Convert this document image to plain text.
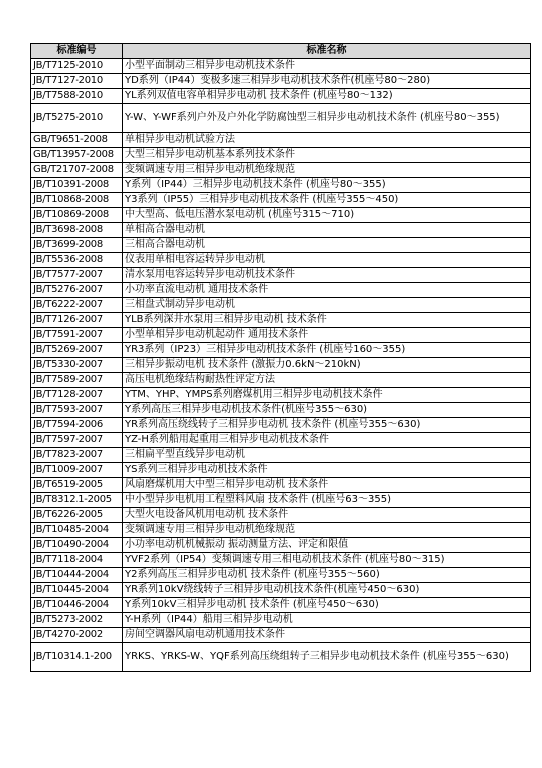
标准编号	标准名称
JB/T7125-2010	小型平面制动三相异步电动机技术条件
JB/T7127-2010	YD系列（IP44）变极多速三相异步电动机技术条件(机座号80～280)
JB/T7588-2010	YL系列双值电容单相异步电动机 技术条件 (机座号80～132)
JB/T5275-2010	Y-W、Y-WF系列户外及户外化学防腐蚀型三相异步电动机技术条件 (机座号80～355)
GB/T9651-2008	单相异步电动机试验方法
GB/T13957-2008	大型三相异步电动机基本系列技术条件
GB/T21707-2008	变频调速专用三相异步电动机绝缘规范
JB/T10391-2008	Y系列（IP44）三相异步电动机技术条件 (机座号80～355)
JB/T10868-2008	Y3系列（IP55）三相异步电动机技术条件 (机座号355～450)
JB/T10869-2008	中大型高、低电压潜水泵电动机 (机座号315～710)
JB/T3698-2008	单相高合器电动机
JB/T3699-2008	三相高合器电动机
JB/T5536-2008	仪表用单相电容运转异步电动机
JB/T7577-2007	清水泵用电容运转异步电动机技术条件
JB/T5276-2007	小功率直流电动机 通用技术条件
JB/T6222-2007	三相盘式制动异步电动机
JB/T7126-2007	YLB系列深井水泵用三相异步电动机 技术条件
JB/T7591-2007	小型单相异步电动机起动件 通用技术条件
JB/T5269-2007	YR3系列（IP23）三相异步电动机技术条件 (机座号160～355)
JB/T5330-2007	三相异步振动电机 技术条件 (激振力0.6kN～210kN)
JB/T7589-2007	高压电机绝缘结构耐热性评定方法
JB/T7128-2007	YTM、YHP、YMPS系列磨煤机用三相异步电动机技术条件
JB/T7593-2007	Y系列高压三相异步电动机技术条件(机座号355～630)
JB/T7594-2006	YR系列高压绕线转子三相异步电动机 技术条件 (机座号355～630)
JB/T7597-2007	YZ-H系列船用起重用三相异步电动机技术条件
JB/T7823-2007	三相扁平型直线异步电动机
JB/T1009-2007	YS系列三相异步电动机技术条件
JB/T6519-2005	风扇磨煤机用大中型三相异步电动机 技术条件
JB/T8312.1-2005	中小型异步电机用工程塑料风扇 技术条件 (机座号63～355)
JB/T6226-2005	大型火电设备风机用电动机 技术条件
JB/T10485-2004	变频调速专用三相异步电动机绝缘规范
JB/T10490-2004	小功率电动机机械振动 振动测量方法、评定和限值
JB/T7118-2004	YVF2系列（IP54）变频调速专用三相电动机技术条件 (机座号80～315)
JB/T10444-2004	Y2系列高压三相异步电动机 技术条件 (机座号355～560)
JB/T10445-2004	YR系列10kV绕线转子三相异步电动机技术条件(机座号450～630)
JB/T10446-2004	Y系列10kV三相异步电动机 技术条件 (机座号450～630)
JB/T5273-2002	Y-H系列（IP44）船用三相异步电动机
JB/T4270-2002	房间空调器风扇电动机通用技术条件
JB/T10314.1-200	YRKS、YRKS-W、YQF系列高压绕组转子三相异步电动机技术条件 (机座号355～630)
